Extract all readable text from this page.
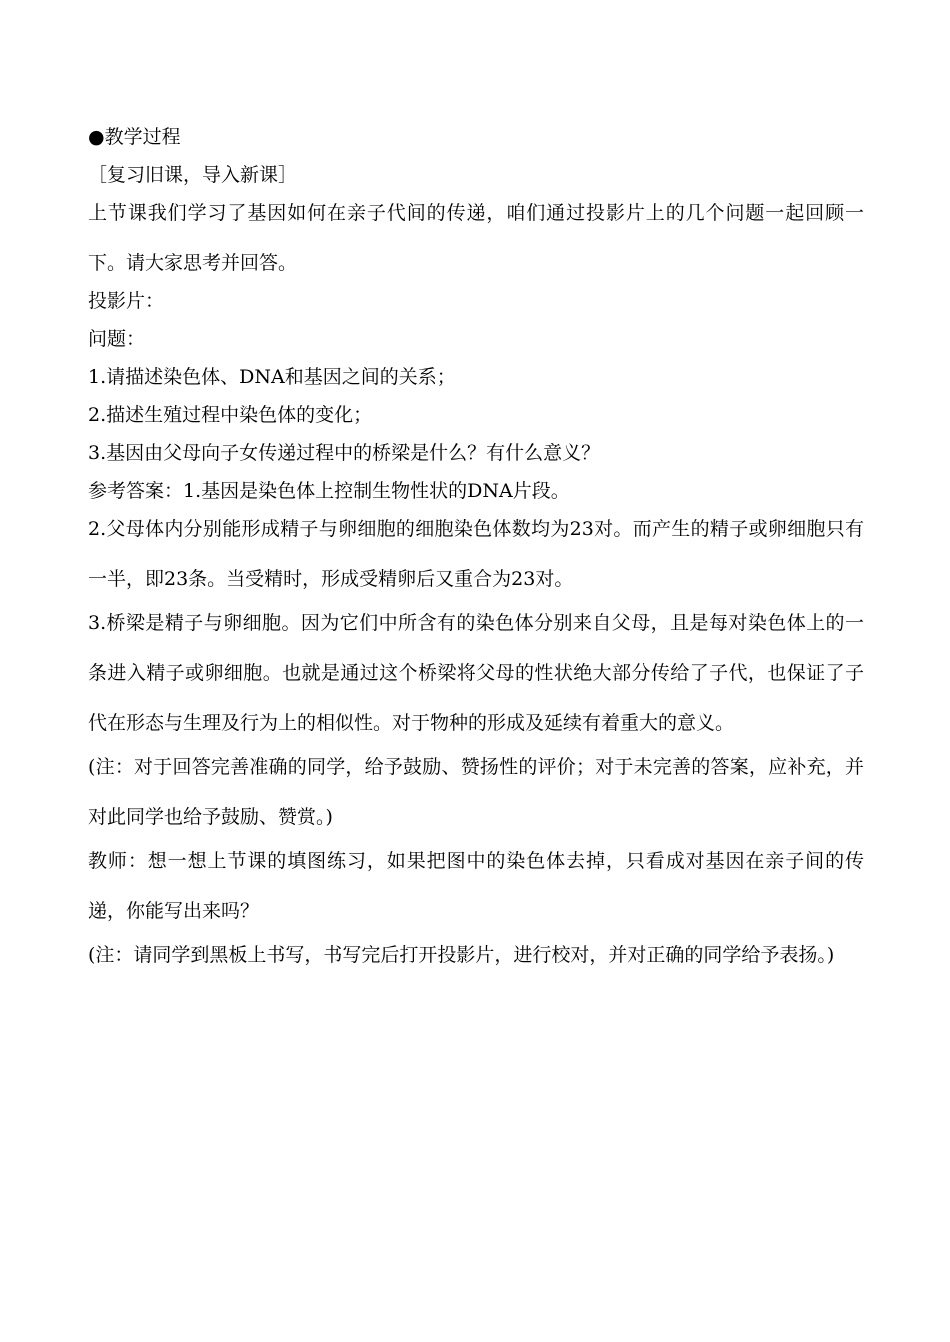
●教学过程
［复习旧课，导入新课］
上节课我们学习了基因如何在亲子代间的传递，咱们通过投影片上的几个问题一起回顾一下。请大家思考并回答。
投影片：
问题：
1.请描述染色体、DNA和基因之间的关系；
2.描述生殖过程中染色体的变化；
3.基因由父母向子女传递过程中的桥梁是什么？有什么意义？
参考答案：1.基因是染色体上控制生物性状的DNA片段。
2.父母体内分别能形成精子与卵细胞的细胞染色体数均为23对。而产生的精子或卵细胞只有一半，即23条。当受精时，形成受精卵后又重合为23对。
3.桥梁是精子与卵细胞。因为它们中所含有的染色体分别来自父母，且是每对染色体上的一条进入精子或卵细胞。也就是通过这个桥梁将父母的性状绝大部分传给了子代，也保证了子代在形态与生理及行为上的相似性。对于物种的形成及延续有着重大的意义。
(注：对于回答完善准确的同学，给予鼓励、赞扬性的评价；对于未完善的答案，应补充，并对此同学也给予鼓励、赞赏。)
教师：想一想上节课的填图练习，如果把图中的染色体去掉，只看成对基因在亲子间的传递，你能写出来吗？
(注：请同学到黑板上书写，书写完后打开投影片，进行校对，并对正确的同学给予表扬。)
